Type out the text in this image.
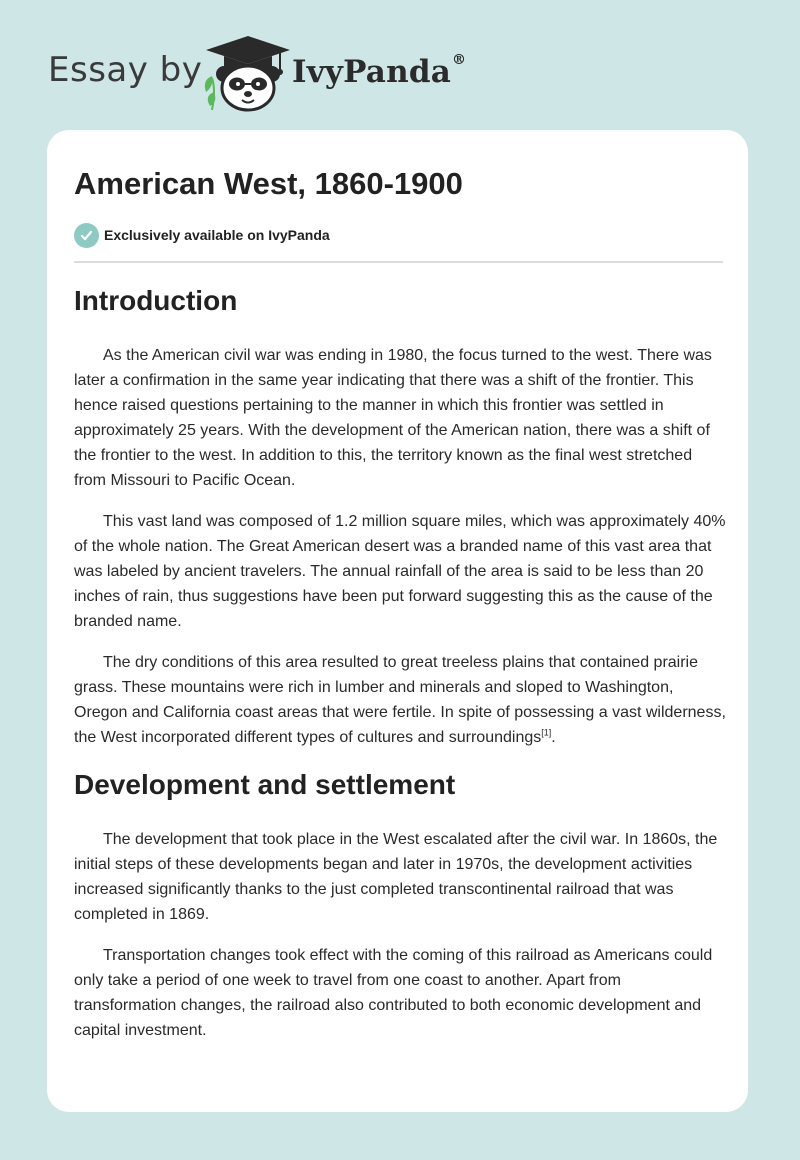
Essay by	IvyPanda®
American West, 1860-1900
Exclusively available on IvyPanda
Introduction

As the American civil war was ending in 1980, the focus turned to the west. There was later a confirmation in the same year indicating that there was a shift of the frontier. This hence raised questions pertaining to the manner in which this frontier was settled in approximately 25 years. With the development of the American nation, there was a shift of the frontier to the west. In addition to this, the territory known as the final west stretched from Missouri to Pacific Ocean.

This vast land was composed of 1.2 million square miles, which was approximately 40% of the whole nation. The Great American desert was a branded name of this vast area that was labeled by ancient travelers. The annual rainfall of the area is said to be less than 20 inches of rain, thus suggestions have been put forward suggesting this as the cause of the branded name.

The dry conditions of this area resulted to great treeless plains that contained prairie grass. These mountains were rich in lumber and minerals and sloped to Washington, Oregon and California coast areas that were fertile. In spite of possessing a vast wilderness, the West incorporated different types of cultures and surroundings[1].

Development and settlement

The development that took place in the West escalated after the civil war. In 1860s, the initial steps of these developments began and later in 1970s, the development activities increased significantly thanks to the just completed transcontinental railroad that was completed in 1869.

Transportation changes took effect with the coming of this railroad as Americans could only take a period of one week to travel from one coast to another. Apart from transformation changes, the railroad also contributed to both economic development and capital investment.
